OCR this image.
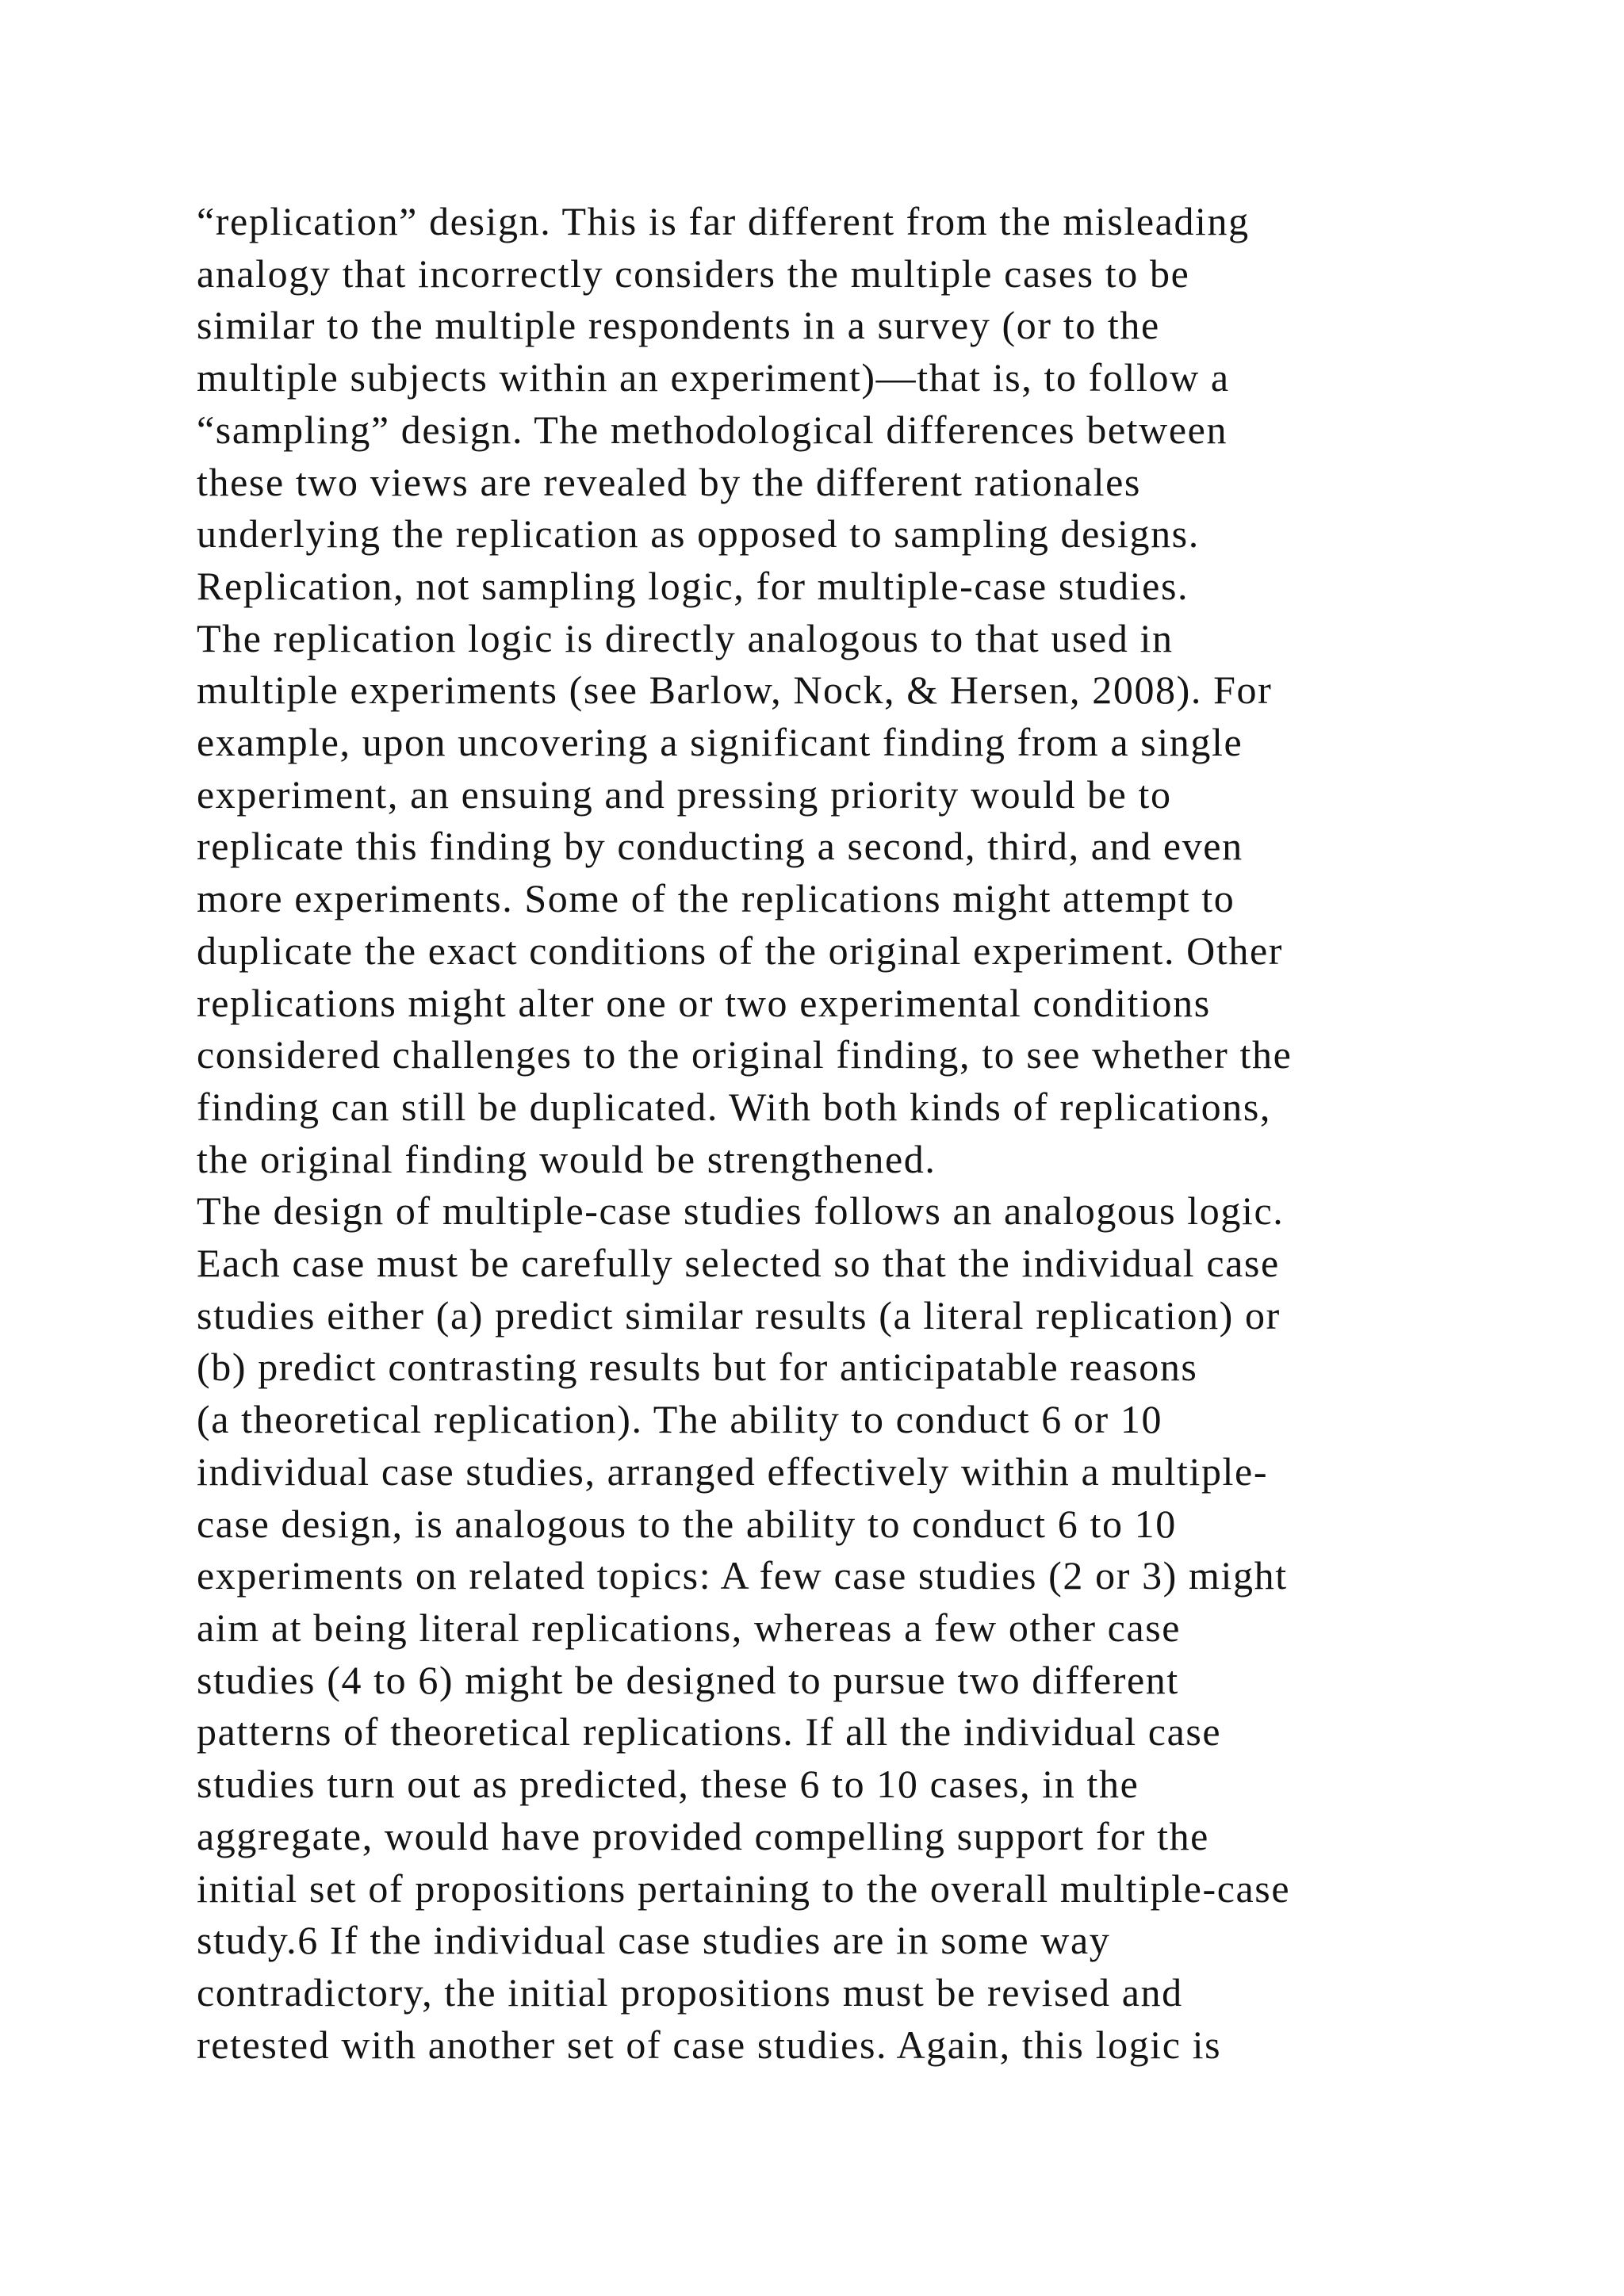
“replication” design. This is far different from the misleading
analogy that incorrectly considers the multiple cases to be
similar to the multiple respondents in a survey (or to the
multiple subjects within an experiment)—that is, to follow a
“sampling” design. The methodological differences between
these two views are revealed by the different rationales
underlying the replication as opposed to sampling designs.
Replication, not sampling logic, for multiple-case studies.
The replication logic is directly analogous to that used in
multiple experiments (see Barlow, Nock, & Hersen, 2008). For
example, upon uncovering a significant finding from a single
experiment, an ensuing and pressing priority would be to
replicate this finding by conducting a second, third, and even
more experiments. Some of the replications might attempt to
duplicate the exact conditions of the original experiment. Other
replications might alter one or two experimental conditions
considered challenges to the original finding, to see whether the
finding can still be duplicated. With both kinds of replications,
the original finding would be strengthened.
The design of multiple-case studies follows an analogous logic.
Each case must be carefully selected so that the individual case
studies either (a) predict similar results (a literal replication) or
(b) predict contrasting results but for anticipatable reasons
(a theoretical replication). The ability to conduct 6 or 10
individual case studies, arranged effectively within a multiple-
case design, is analogous to the ability to conduct 6 to 10
experiments on related topics: A few case studies (2 or 3) might
aim at being literal replications, whereas a few other case
studies (4 to 6) might be designed to pursue two different
patterns of theoretical replications. If all the individual case
studies turn out as predicted, these 6 to 10 cases, in the
aggregate, would have provided compelling support for the
initial set of propositions pertaining to the overall multiple-case
study.6 If the individual case studies are in some way
contradictory, the initial propositions must be revised and
retested with another set of case studies. Again, this logic is
